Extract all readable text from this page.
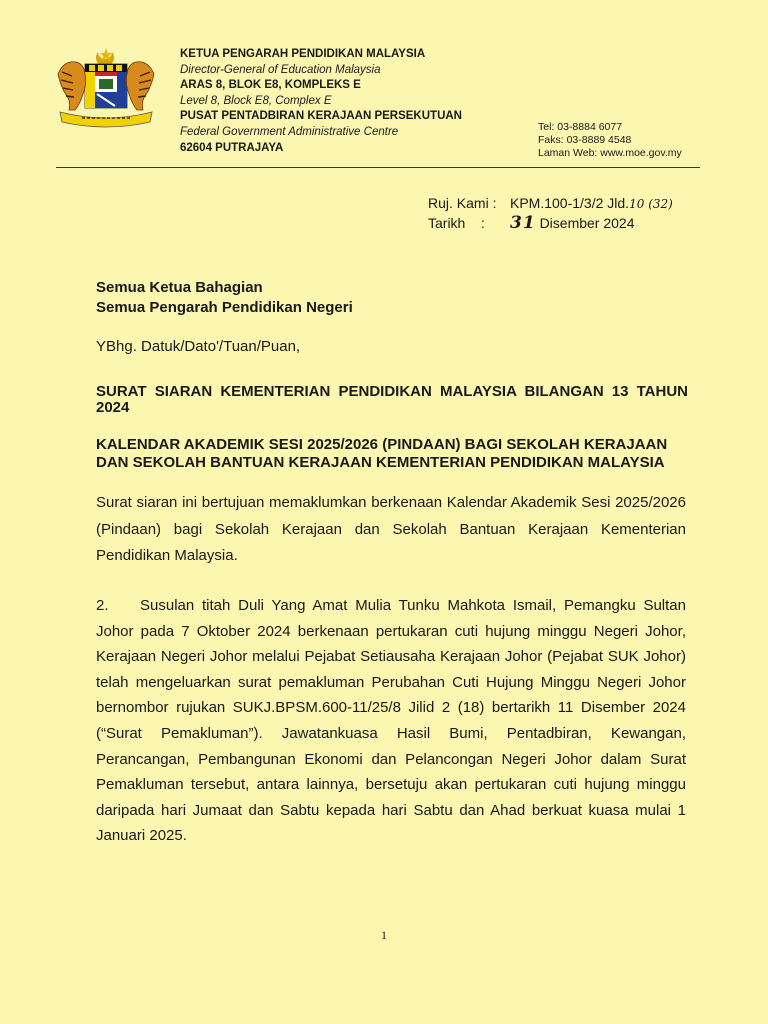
KETUA PENGARAH PENDIDIKAN MALAYSIA
Director-General of Education Malaysia
ARAS 8, BLOK E8, KOMPLEKS E
Level 8, Block E8, Complex E
PUSAT PENTADBIRAN KERAJAAN PERSEKUTUAN
Federal Government Administrative Centre
62604 PUTRAJAYA
Tel: 03-8884 6077
Faks: 03-8889 4548
Laman Web: www.moe.gov.my
Ruj. Kami : KPM.100-1/3/2 Jld.10 (32)
Tarikh    :	31 Disember 2024
Semua Ketua Bahagian
Semua Pengarah Pendidikan Negeri
YBhg. Datuk/Dato'/Tuan/Puan,
SURAT SIARAN KEMENTERIAN PENDIDIKAN MALAYSIA BILANGAN 13 TAHUN 2024
KALENDAR AKADEMIK SESI 2025/2026 (PINDAAN) BAGI SEKOLAH KERAJAAN DAN SEKOLAH BANTUAN KERAJAAN KEMENTERIAN PENDIDIKAN MALAYSIA
Surat siaran ini bertujuan memaklumkan berkenaan Kalendar Akademik Sesi 2025/2026 (Pindaan) bagi Sekolah Kerajaan dan Sekolah Bantuan Kerajaan Kementerian Pendidikan Malaysia.
2. Susulan titah Duli Yang Amat Mulia Tunku Mahkota Ismail, Pemangku Sultan Johor pada 7 Oktober 2024 berkenaan pertukaran cuti hujung minggu Negeri Johor, Kerajaan Negeri Johor melalui Pejabat Setiausaha Kerajaan Johor (Pejabat SUK Johor) telah mengeluarkan surat pemakluman Perubahan Cuti Hujung Minggu Negeri Johor bernombor rujukan SUKJ.BPSM.600-11/25/8 Jilid 2 (18) bertarikh 11 Disember 2024 (“Surat Pemakluman”). Jawatankuasa Hasil Bumi, Pentadbiran, Kewangan, Perancangan, Pembangunan Ekonomi dan Pelancongan Negeri Johor dalam Surat Pemakluman tersebut, antara lainnya, bersetuju akan pertukaran cuti hujung minggu daripada hari Jumaat dan Sabtu kepada hari Sabtu dan Ahad berkuat kuasa mulai 1 Januari 2025.
1
